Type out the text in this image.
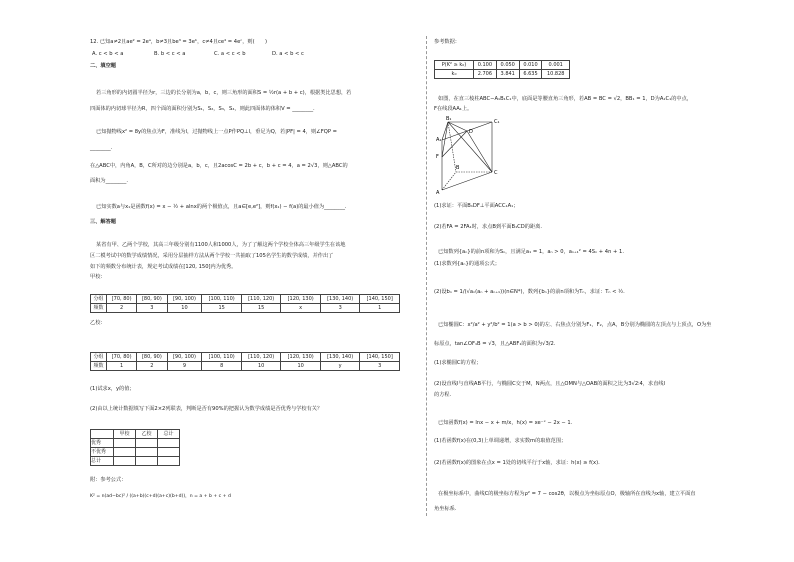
12. 已知a≠2且ae² = 2eᵃ，b≠3且be³ = 3eᵇ，c≠4且ce⁴ = 4eᶜ，则(　　)
A. c < b < a	B. b < c < a	C. a < c < b	D. a < b < c
二、填空题
若三角形的内切圆半径为r，三边的长分别为a，b，c，则三角形的面积S = ½r(a + b + c)，根据类比思想，若
四面体的内切球半径为R，四个面的面积分别为S₁，S₂，S₃，S₄，则此四面体的体积V = ________.
已知抛物线x² = 8y的焦点为F，准线为l，过抛物线上一点P作PQ⊥l，垂足为Q，若|PF| = 4，则∠FQP =
________.
在△ABC中，内角A，B，C所对的边分别是a，b，c，且2acosC = 2b + c，b + c = 4，a = 2√3，则△ABC的
面积为________.
已知实数a与x₁是函数f(x) = x − ½ + alnx的两个极值点，且a∈[e,e²]，则f(x₁) − f(a)的最小值为________.
三、解答题
某省有甲、乙两个学校，其高三年级分别有1100人和1000人，为了了解这两个学校全体高三年级学生在该地
区二模考试中的数学成绩情况，采用分层抽样方法从两个学校一共抽取了105名学生的数学成绩，并作出了
如下的频数分布统计表，规定考试成绩在[120, 150]内为优秀。
甲校：
分组	[70, 80)	[80, 90)	[90, 100)	[100, 110)	[110, 120)	[120, 130)	[130, 140)	[140, 150]
频数	2	3	10	15	15	x	3	1
乙校：
分组	[70, 80)	[80, 90)	[90, 100)	[100, 110)	[110, 120)	[120, 130)	[130, 140)	[140, 150]
频数	1	2	9	8	10	10	y	3
(1)试求x，y的值；
(2)由以上统计数据填写下面2×2列联表，判断是否有90%的把握认为数学成绩是否优秀与学校有关？
	甲校	乙校	总计
优秀			
不优秀			
总计			
附：参考公式：
K² = n(ad−bc)² / ((a+b)(c+d)(a+c)(b+d))，n = a + b + c + d
参考数据：
P(K² ≥ k₀)	0.100	0.050	0.010	0.001
k₀	2.706	3.841	6.635	10.828
如图，在直三棱柱ABC−A₁B₁C₁中，底面是等腰直角三角形，若AB = BC = √2，BB₁ = 1，D为A₁C₁的中点，
F在线段AA₁上。
B₁	C₁
A₁
D
F
B
C
A
(1)求证：平面B₁DF⊥平面ACC₁A₁；
(2)若FA = 2FA₁时，求点B到平面B₁CD的距离.
已知数列{aₙ}的前n项和为Sₙ，且满足a₁ = 1，aₙ > 0，aₙ₊₁² = 4Sₙ + 4n + 1.
(1)求数列{aₙ}的通项公式；
(2)设bₙ = 1/(√aₙ(aₙ + aₙ₊₁))(n∈N*)，数列{bₙ}的前n项和为Tₙ，求证：Tₙ < ½.
已知椭圆C：x²/a² + y²/b² = 1(a > b > 0)的左、右焦点分别为F₁，F₂，点A，B分别为椭圆的左顶点与上顶点，O为坐
标原点，tan∠OF₁B = √3，且△ABF₁的面积为√3/2.
(1)求椭圆C的方程；
(2)设直线l与直线AB平行，与椭圆C交于M，N两点，且△OMN与△OAB的面积之比为3√2∶4，求直线l
的方程.
已知函数f(x) = lnx − x + m/x，h(x) = xe⁻ˣ − 2x − 1.
(1)若函数f(x)在(0,3)上单调递增，求实数m的取值范围；
(2)若函数f(x)的图象在点x = 1处的切线平行于x轴，求证：h(x) ≥ f(x).
在极坐标系中，曲线C的极坐标方程为ρ² = 7 − cos2θ，以极点为坐标原点O，极轴所在直线为x轴，建立平面直
角坐标系.
